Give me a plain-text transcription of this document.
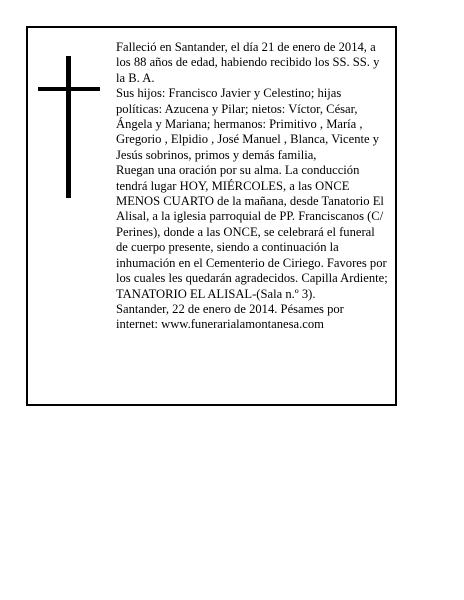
Falleció en Santander, el día 21 de enero de 2014, a los 88 años de edad, habiendo recibido los SS. SS. y la B. A.

Sus hijos: Francisco Javier y Celestino; hijas políticas: Azucena y Pilar; nietos: Víctor, César, Ángela y Mariana; hermanos: Primitivo , María , Gregorio , Elpidio , José Manuel , Blanca, Vicente y Jesús sobrinos, primos y demás familia,

Ruegan una oración por su alma. La conducción tendrá lugar HOY, MIÉRCOLES, a las ONCE MENOS CUARTO de la mañana, desde Tanatorio El Alisal, a la iglesia parroquial de PP. Franciscanos (C/ Perines), donde a las ONCE, se celebrará el funeral de cuerpo presente, siendo a continuación la inhumación en el Cementerio de Ciriego. Favores por los cuales les quedarán agradecidos. Capilla Ardiente; TANATORIO EL ALISAL-(Sala n.º 3).

Santander, 22 de enero de 2014. Pésames por internet: www.funerarialamontanesa.com
